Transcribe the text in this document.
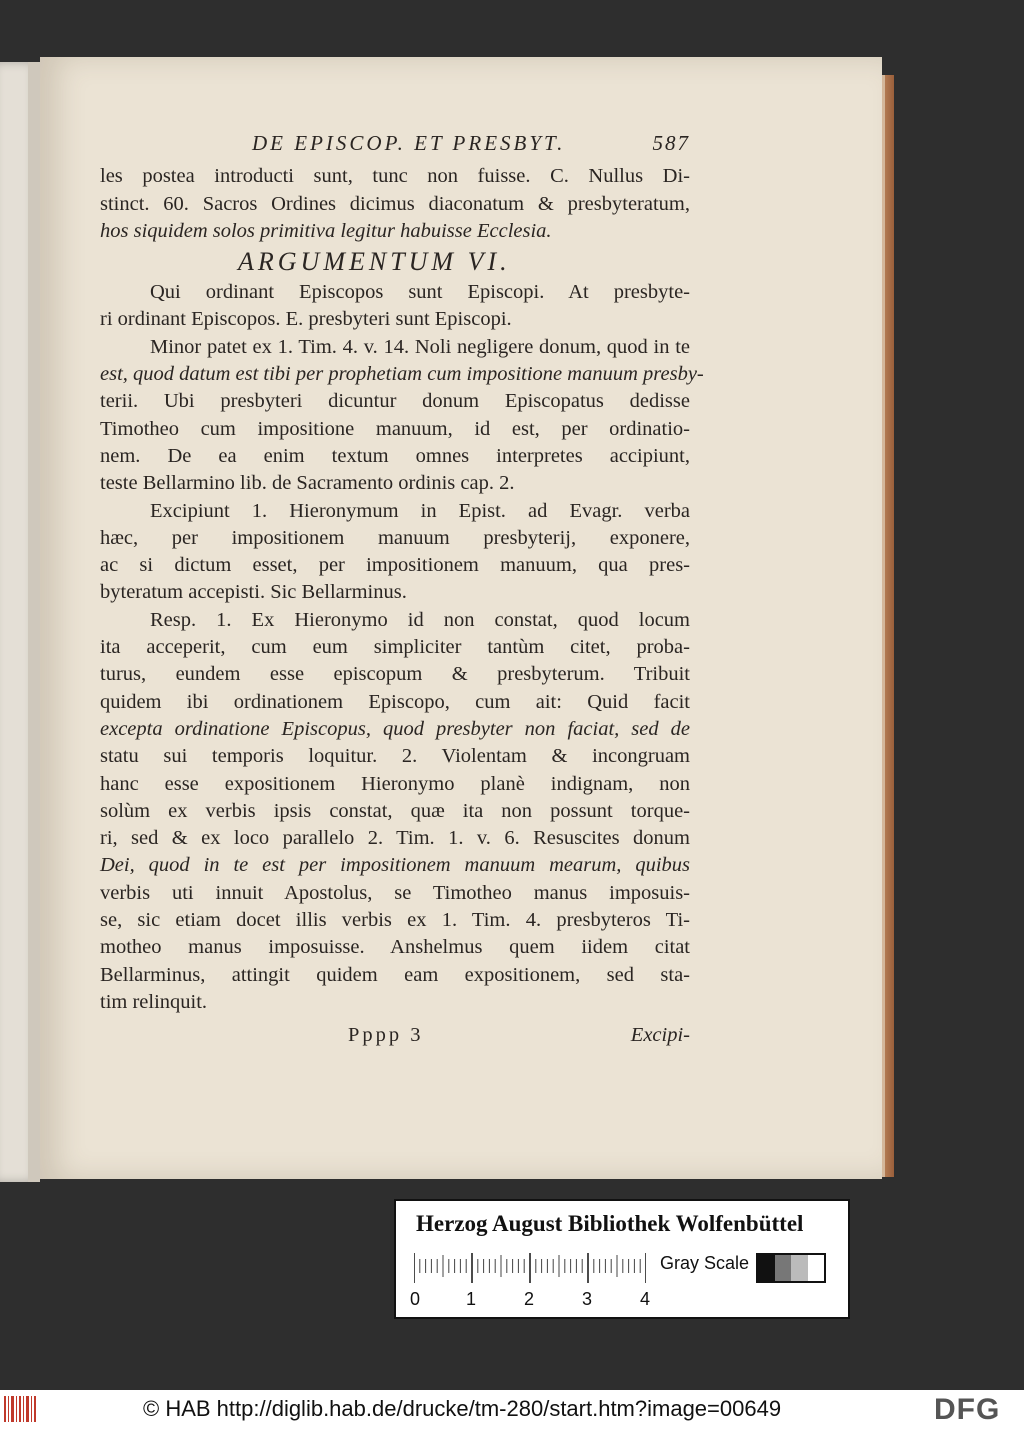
DE EPISCOP. ET PRESBYT.	587
les postea introducti sunt, tunc non fuisse. C. Nullus Di-
stinct. 60. Sacros Ordines dicimus diaconatum & presbyteratum,
hos siquidem solos primitiva legitur habuisse Ecclesia.
ARGUMENTUM VI.
Qui ordinant Episcopos sunt Episcopi. At presbyte-
ri ordinant Episcopos. E. presbyteri sunt Episcopi.
Minor patet ex 1. Tim. 4. v. 14. Noli negligere donum, quod in te
est, quod datum est tibi per prophetiam cum impositione manuum presby-
terii. Ubi presbyteri dicuntur donum Episcopatus dedisse
Timotheo cum impositione manuum, id est, per ordinatio-
nem. De ea enim textum omnes interpretes accipiunt,
teste Bellarmino lib. de Sacramento ordinis cap. 2.
Excipiunt 1. Hieronymum in Epist. ad Evagr. verba
hæc, per impositionem manuum presbyterij, exponere,
ac si dictum esset, per impositionem manuum, qua pres-
byteratum accepisti. Sic Bellarminus.
Resp. 1. Ex Hieronymo id non constat, quod locum
ita acceperit, cum eum simpliciter tantùm citet, proba-
turus, eundem esse episcopum & presbyterum. Tribuit
quidem ibi ordinationem Episcopo, cum ait: Quid facit
excepta ordinatione Episcopus, quod presbyter non faciat, sed de
statu sui temporis loquitur. 2. Violentam & incongruam
hanc esse expositionem Hieronymo planè indignam, non
solùm ex verbis ipsis constat, quæ ita non possunt torque-
ri, sed & ex loco parallelo 2. Tim. 1. v. 6. Resuscites donum
Dei, quod in te est per impositionem manuum mearum, quibus
verbis uti innuit Apostolus, se Timotheo manus imposuis-
se, sic etiam docet illis verbis ex 1. Tim. 4. presbyteros Ti-
motheo manus imposuisse. Anshelmus quem iidem citat
Bellarminus, attingit quidem eam expositionem, sed sta-
tim relinquit.
Pppp 3	Excipi-
Herzog August Bibliothek Wolfenbüttel
0	1	2	3	4
Gray Scale
© HAB http://diglib.hab.de/drucke/tm-280/start.htm?image=00649	DFG
